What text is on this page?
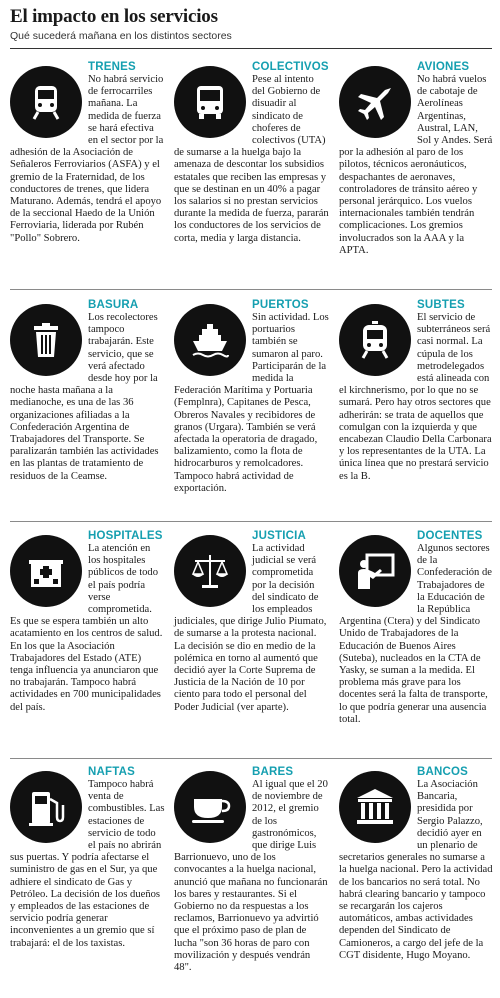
El impacto en los servicios
Qué sucederá mañana en los distintos sectores
TRENES
No habrá servicio de ferrocarriles mañana. La medida de fuerza se hará efectiva en el sector por la adhesión de la Asociación de Señaleros Ferroviarios (ASFA) y el gremio de la Fraternidad, de los conductores de trenes, que lidera Maturano. Además, tendrá el apoyo de la seccional Haedo de la Unión Ferroviaria, liderada por Rubén "Pollo" Sobrero.
COLECTIVOS
Pese al intento del Gobierno de disuadir al sindicato de choferes de colectivos (UTA) de sumarse a la huelga bajo la amenaza de descontar los subsidios estatales que reciben las empresas y que se destinan en un 40% a pagar los salarios si no prestan servicios durante la medida de fuerza, pararán los conductores de los servicios de corta, media y larga distancia.
AVIONES
No habrá vuelos de cabotaje de Aerolíneas Argentinas, Austral, LAN, Sol y Andes. Será por la adhesión al paro de los pilotos, técnicos aeronáuticos, despachantes de aeronaves, controladores de tránsito aéreo y personal jerárquico. Los vuelos internacionales también tendrán complicaciones. Los gremios involucrados son la AAA y la APTA.
BASURA
Los recolectores tampoco trabajarán. Este servicio, que se verá afectado desde hoy por la noche hasta mañana a la medianoche, es una de las 36 organizaciones afiliadas a la Confederación Argentina de Trabajadores del Transporte. Se paralizarán también las actividades en las plantas de tratamiento de residuos de la Ceamse.
PUERTOS
Sin actividad. Los portuarios también se sumaron al paro. Participarán de la medida la Federación Marítima y Portuaria (Femplnra), Capitanes de Pesca, Obreros Navales y recibidores de granos (Urgara). También se verá afectada la operatoria de dragado, balizamiento, como la flota de hidrocarburos y remolcadores. Tampoco habrá actividad de exportación.
SUBTES
El servicio de subterráneos será casi normal. La cúpula de los metrodelegados está alineada con el kirchnerismo, por lo que no se sumará. Pero hay otros sectores que adherirán: se trata de aquellos que comulgan con la izquierda y que encabezan Claudio Della Carbonara y los representantes de la UTA. La única línea que no prestará servicio es la B.
HOSPITALES
La atención en los hospitales públicos de todo el país podría verse comprometida. Es que se espera también un alto acatamiento en los centros de salud. En los que la Asociación Trabajadores del Estado (ATE) tenga influencia ya anunciaron que no trabajarán. Tampoco habrá actividades en 700 municipalidades del país.
JUSTICIA
La actividad judicial se verá comprometida por la decisión del sindicato de los empleados judiciales, que dirige Julio Piumato, de sumarse a la protesta nacional. La decisión se dio en medio de la polémica en torno al aumentó que decidió ayer la Corte Suprema de Justicia de la Nación de 10 por ciento para todo el personal del Poder Judicial (ver aparte).
DOCENTES
Algunos sectores de la Confederación de Trabajadores de la Educación de la República Argentina (Ctera) y del Sindicato Unido de Trabajadores de la Educación de Buenos Aires (Suteba), nucleados en la CTA de Yasky, se suman a la medida. El problema más grave para los docentes será la falta de transporte, lo que podría generar una ausencia total.
NAFTAS
Tampoco habrá venta de combustibles. Las estaciones de servicio de todo el país no abrirán sus puertas. Y podría afectarse el suministro de gas en el Sur, ya que adhiere el sindicato de Gas y Petróleo. La decisión de los dueños y empleados de las estaciones de servicio podría generar inconvenientes a un gremio que sí trabajará: el de los taxistas.
BARES
Al igual que el 20 de noviembre de 2012, el gremio de los gastronómicos, que dirige Luis Barrionuevo, uno de los convocantes a la huelga nacional, anunció que mañana no funcionarán los bares y restaurantes. Si el Gobierno no da respuestas a los reclamos, Barrionuevo ya advirtió que el próximo paso de plan de lucha "son 36 horas de paro con movilización y después vendrán 48".
BANCOS
La Asociación Bancaria, presidida por Sergio Palazzo, decidió ayer en un plenario de secretarios generales no sumarse a la huelga nacional. Pero la actividad de los bancarios no será total. No habrá clearing bancario y tampoco se recargarán los cajeros automáticos, ambas actividades dependen del Sindicato de Camioneros, a cargo del jefe de la CGT disidente, Hugo Moyano.
